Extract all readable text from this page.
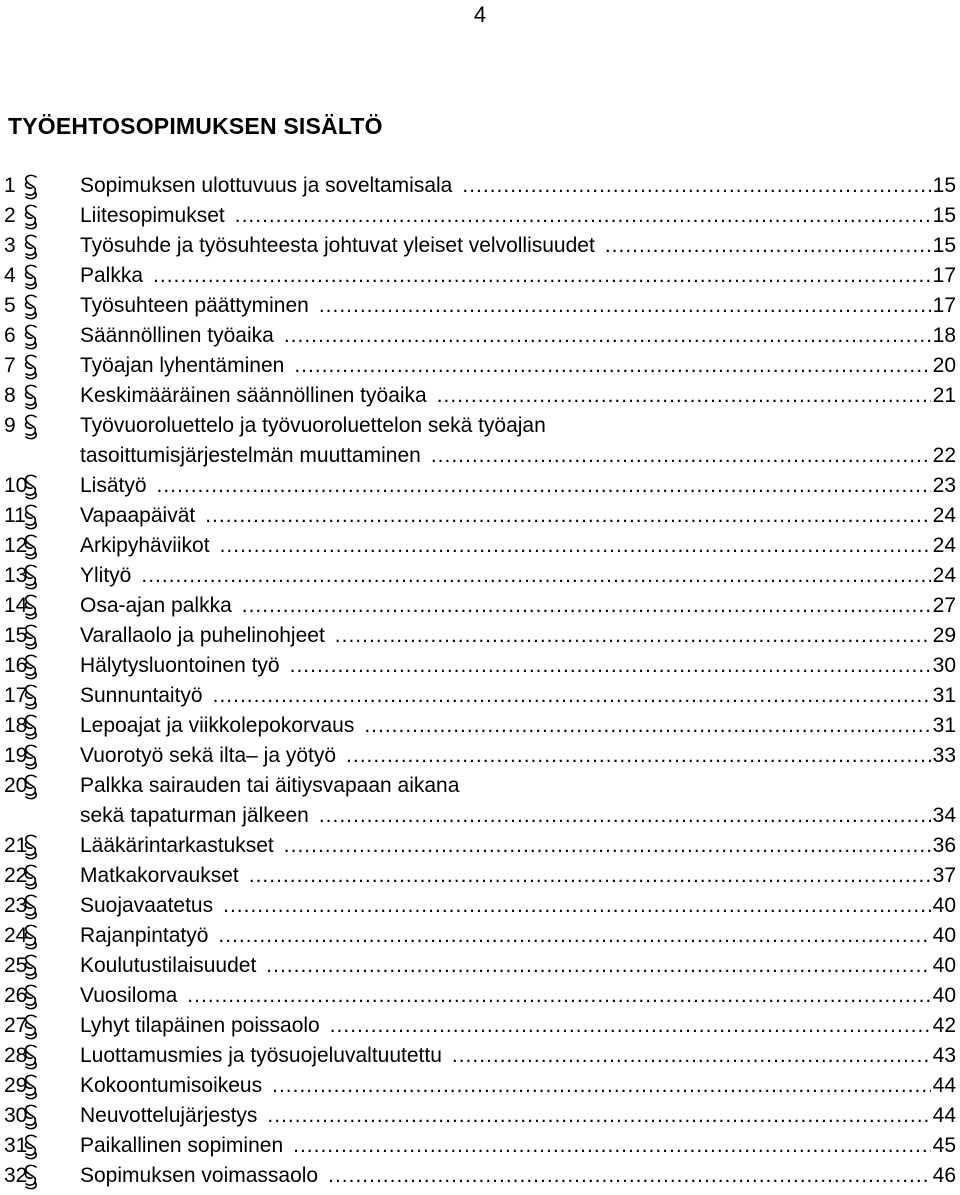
4
TYÖEHTOSOPIMUKSEN SISÄLTÖ
1	Sopimuksen ulottuvuus ja soveltamisala .....	15
2	Liitesopimukset .....	15
3	Työsuhde ja työsuhteesta johtuvat yleiset velvollisuudet .....	15
4	Palkka .....	17
5	Työsuhteen päättyminen .....	17
6	Säännöllinen työaika .....	18
7	Työajan lyhentäminen .....	20
8	Keskimääräinen säännöllinen työaika .....	21
9	Työvuoroluettelo ja työvuoroluettelon sekä työajan
tasoittumisjärjestelmän muuttaminen .....	22
10	Lisätyö .....	23
11	Vapaapäivät .....	24
12	Arkipyhäviikot .....	24
13	Ylityö .....	24
14	Osa-ajan palkka .....	27
15	Varallaolo ja puhelinohjeet .....	29
16	Hälytysluontoinen työ .....	30
17	Sunnuntaityö .....	31
18	Lepoajat ja viikkolepokorvaus .....	31
19	Vuorotyö sekä ilta– ja yötyö .....	33
20	Palkka sairauden tai äitiysvapaan aikana
sekä tapaturman jälkeen .....	34
21	Lääkärintarkastukset .....	36
22	Matkakorvaukset .....	37
23	Suojavaatetus .....	40
24	Rajanpintatyö .....	40
25	Koulutustilaisuudet .....	40
26	Vuosiloma .....	40
27	Lyhyt tilapäinen poissaolo .....	42
28	Luottamusmies ja työsuojeluvaltuutettu .....	43
29	Kokoontumisoikeus .....	44
30	Neuvottelujärjestys .....	44
31	Paikallinen sopiminen .....	45
32	Sopimuksen voimassaolo .....	46
